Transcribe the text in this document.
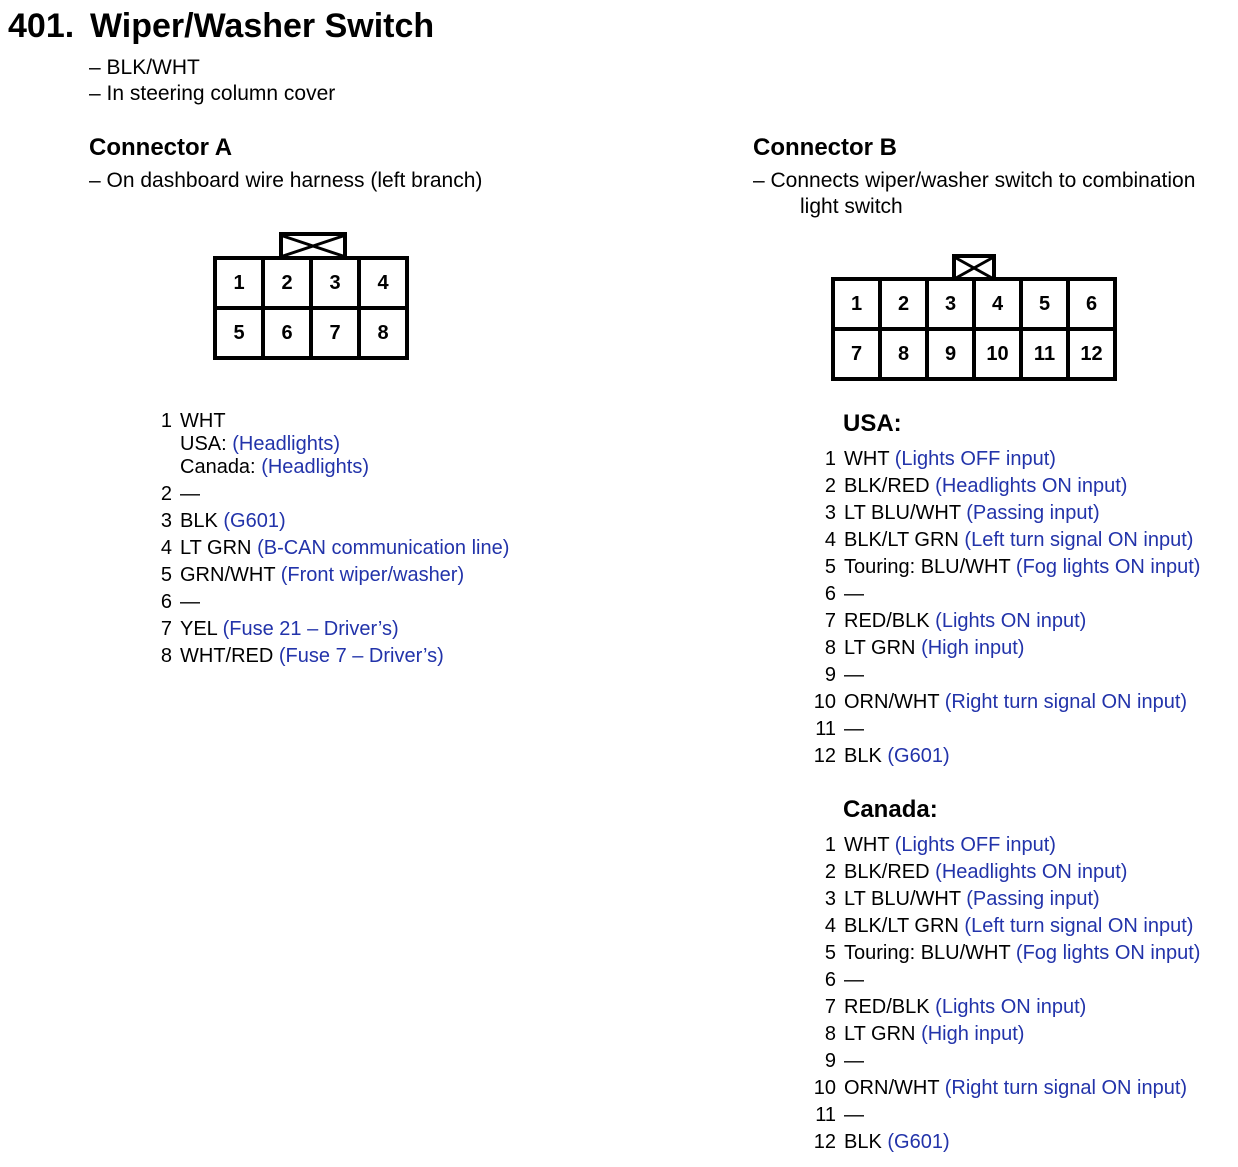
401. Wiper/Washer Switch
– BLK/WHT
– In steering column cover
Connector A
– On dashboard wire harness (left branch)
1	2	3	4
5	6	7	8
1 WHT
USA: (Headlights)
Canada: (Headlights)
2 —
3 BLK (G601)
4 LT GRN (B-CAN communication line)
5 GRN/WHT (Front wiper/washer)
6 —
7 YEL (Fuse 21 – Driver’s)
8 WHT/RED (Fuse 7 – Driver’s)
Connector B
– Connects wiper/washer switch to combination
light switch
1	2	3	4	5	6
7	8	9	10	11	12
USA:
1 WHT (Lights OFF input)
2 BLK/RED (Headlights ON input)
3 LT BLU/WHT (Passing input)
4 BLK/LT GRN (Left turn signal ON input)
5 Touring: BLU/WHT (Fog lights ON input)
6 —
7 RED/BLK (Lights ON input)
8 LT GRN (High input)
9 —
10 ORN/WHT (Right turn signal ON input)
11 —
12 BLK (G601)
Canada:
1 WHT (Lights OFF input)
2 BLK/RED (Headlights ON input)
3 LT BLU/WHT (Passing input)
4 BLK/LT GRN (Left turn signal ON input)
5 Touring: BLU/WHT (Fog lights ON input)
6 —
7 RED/BLK (Lights ON input)
8 LT GRN (High input)
9 —
10 ORN/WHT (Right turn signal ON input)
11 —
12 BLK (G601)
